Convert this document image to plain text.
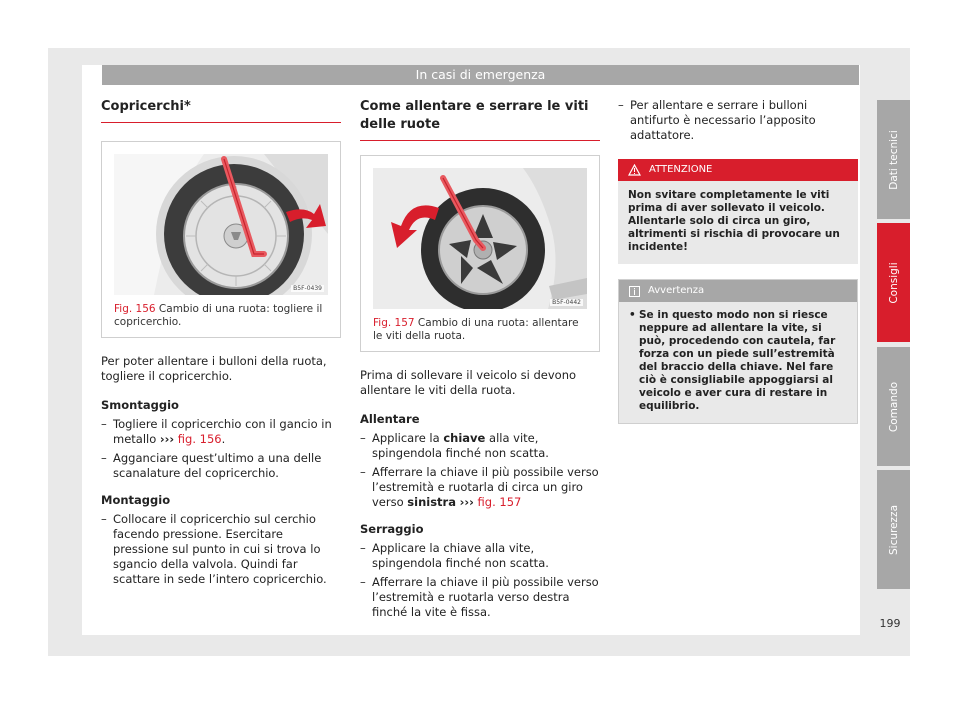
In casi di emergenza
Copricerchi*
B5F-0439
Fig. 156 Cambio di una ruota: togliere il copricerchio.
Per poter allentare i bulloni della ruota, togliere il copricerchio.
Smontaggio
– Togliere il copricerchio con il gancio in metallo ››› fig. 156.
– Agganciare quest’ultimo a una delle scanalature del copricerchio.
Montaggio
– Collocare il copricerchio sul cerchio facendo pressione. Esercitare pressione sul punto in cui si trova lo sgancio della valvola. Quindi far scattare in sede l’intero copricerchio.
Come allentare e serrare le viti delle ruote
B5F-0442
Fig. 157 Cambio di una ruota: allentare le viti della ruota.
Prima di sollevare il veicolo si devono allentare le viti della ruota.
Allentare
– Applicare la chiave alla vite, spingendola finché non scatta.
– Afferrare la chiave il più possibile verso l’estremità e ruotarla di circa un giro verso sinistra ››› fig. 157
Serraggio
– Applicare la chiave alla vite, spingendola finché non scatta.
– Afferrare la chiave il più possibile verso l’estremità e ruotarla verso destra finché la vite è fissa.
– Per allentare e serrare i bulloni antifurto è necessario l’apposito adattatore.
ATTENZIONE
Non svitare completamente le viti prima di aver sollevato il veicolo. Allentarle solo di circa un giro, altrimenti si rischia di provocare un incidente!
Avvertenza
• Se in questo modo non si riesce neppure ad allentare la vite, si può, procedendo con cautela, far forza con un piede sull’estremità del braccio della chiave. Nel fare ciò è consigliabile appoggiarsi al veicolo e aver cura di restare in equilibrio.
Dati tecnici
Consigli
Comando
Sicurezza
199
